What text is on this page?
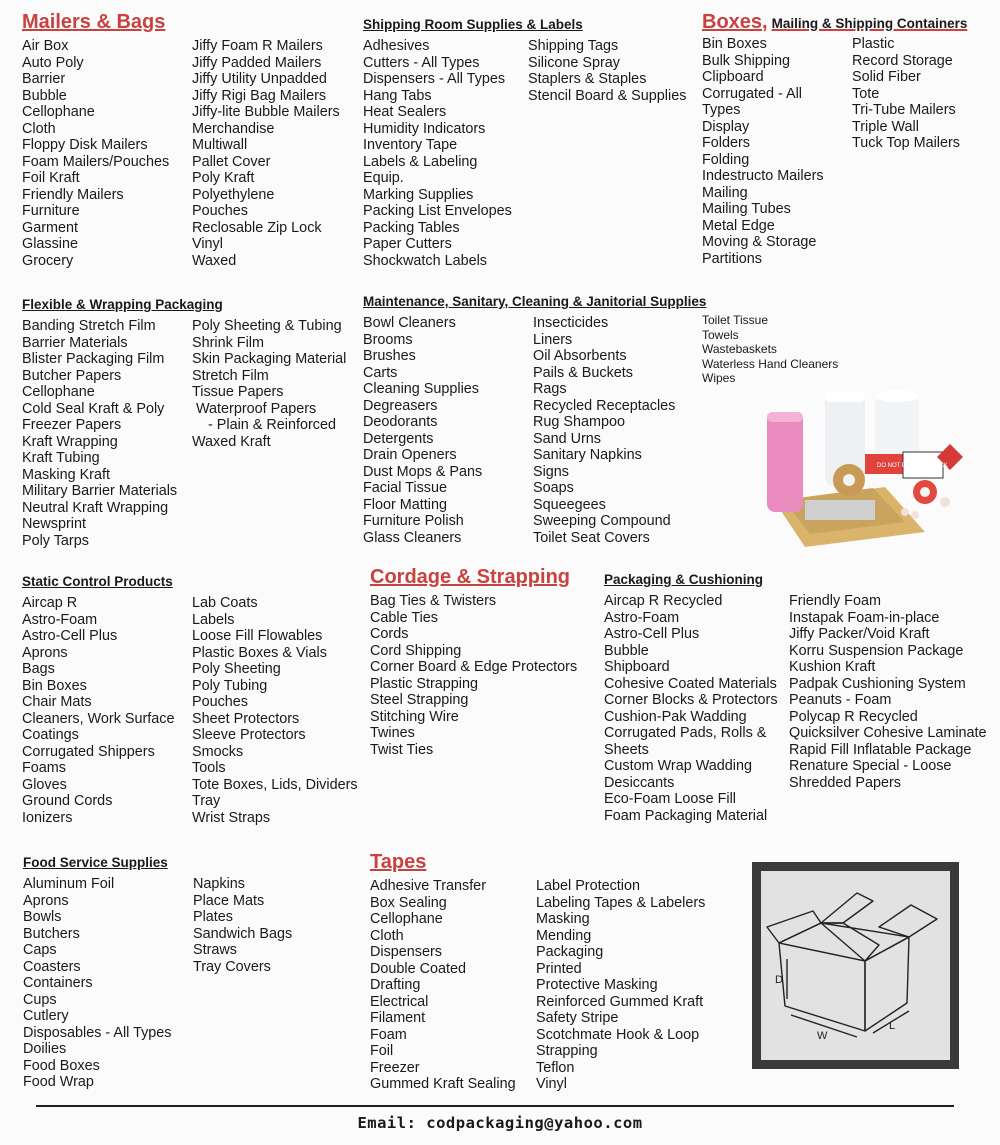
Mailers & Bags
Air Box
Auto Poly
Barrier
Bubble
Cellophane
Cloth
Floppy Disk Mailers
Foam Mailers/Pouches
Foil Kraft
Friendly Mailers
Furniture
Garment
Glassine
Grocery
Jiffy Foam R Mailers
Jiffy Padded Mailers
Jiffy Utility Unpadded
Jiffy Rigi Bag Mailers
Jiffy-lite Bubble Mailers
Merchandise
Multiwall
Pallet Cover
Poly Kraft
Polyethylene
Pouches
Reclosable Zip Lock
Vinyl
Waxed
Shipping Room Supplies & Labels
Adhesives
Cutters - All Types
Dispensers - All Types
Hang Tabs
Heat Sealers
Humidity Indicators
Inventory Tape
Labels & Labeling
Equip.
Marking Supplies
Packing List Envelopes
Packing Tables
Paper Cutters
Shockwatch Labels
Shipping Tags
Silicone Spray
Staplers & Staples
Stencil Board & Supplies
Boxes, Mailing & Shipping Containers
Bin Boxes
Bulk Shipping
Clipboard
Corrugated - All
Types
Display
Folders
Folding
Indestructo Mailers
Mailing
Mailing Tubes
Metal Edge
Moving & Storage
Partitions
Plastic
Record Storage
Solid Fiber
Tote
Tri-Tube Mailers
Triple Wall
Tuck Top Mailers
Flexible & Wrapping Packaging
Banding Stretch Film
Barrier Materials
Blister Packaging Film
Butcher Papers
Cellophane
Cold Seal Kraft & Poly
Freezer Papers
Kraft Wrapping
Kraft Tubing
Masking Kraft
Military Barrier Materials
Neutral Kraft Wrapping
Newsprint
Poly Tarps
Poly Sheeting & Tubing
Shrink Film
Skin Packaging Material
Stretch Film
Tissue Papers
Waterproof Papers
- Plain & Reinforced
Waxed Kraft
Maintenance, Sanitary, Cleaning & Janitorial Supplies
Bowl Cleaners
Brooms
Brushes
Carts
Cleaning Supplies
Degreasers
Deodorants
Detergents
Drain Openers
Dust Mops & Pans
Facial Tissue
Floor Matting
Furniture Polish
Glass Cleaners
Insecticides
Liners
Oil Absorbents
Pails & Buckets
Rags
Recycled Receptacles
Rug Shampoo
Sand Urns
Sanitary Napkins
Signs
Soaps
Squeegees
Sweeping Compound
Toilet Seat Covers
Toilet Tissue
Towels
Wastebaskets
Waterless Hand Cleaners
Wipes
DO NOT DOUBLE STACK
Static Control Products
Aircap R
Astro-Foam
Astro-Cell Plus
Aprons
Bags
Bin Boxes
Chair Mats
Cleaners, Work Surface
Coatings
Corrugated Shippers
Foams
Gloves
Ground Cords
Ionizers
Lab Coats
Labels
Loose Fill Flowables
Plastic Boxes & Vials
Poly Sheeting
Poly Tubing
Pouches
Sheet Protectors
Sleeve Protectors
Smocks
Tools
Tote Boxes, Lids, Dividers
Tray
Wrist Straps
Cordage & Strapping
Bag Ties & Twisters
Cable Ties
Cords
Cord Shipping
Corner Board & Edge Protectors
Plastic Strapping
Steel Strapping
Stitching Wire
Twines
Twist Ties
Packaging & Cushioning
Aircap R Recycled
Astro-Foam
Astro-Cell Plus
Bubble
Shipboard
Cohesive Coated Materials
Corner Blocks & Protectors
Cushion-Pak Wadding
Corrugated Pads, Rolls &
Sheets
Custom Wrap Wadding
Desiccants
Eco-Foam Loose Fill
Foam Packaging Material
Friendly Foam
Instapak Foam-in-place
Jiffy Packer/Void Kraft
Korru Suspension Package
Kushion Kraft
Padpak Cushioning System
Peanuts - Foam
Polycap R Recycled
Quicksilver Cohesive Laminate
Rapid Fill Inflatable Package
Renature Special - Loose
Shredded Papers
Food Service Supplies
Aluminum Foil
Aprons
Bowls
Butchers
Caps
Coasters
Containers
Cups
Cutlery
Disposables - All Types
Doilies
Food Boxes
Food Wrap
Napkins
Place Mats
Plates
Sandwich Bags
Straws
Tray Covers
Tapes
Adhesive Transfer
Box Sealing
Cellophane
Cloth
Dispensers
Double Coated
Drafting
Electrical
Filament
Foam
Foil
Freezer
Gummed Kraft Sealing
Label Protection
Labeling Tapes & Labelers
Masking
Mending
Packaging
Printed
Protective Masking
Reinforced Gummed Kraft
Safety Stripe
Scotchmate Hook & Loop
Strapping
Teflon
Vinyl
D
W
L
Email: codpackaging@yahoo.com
